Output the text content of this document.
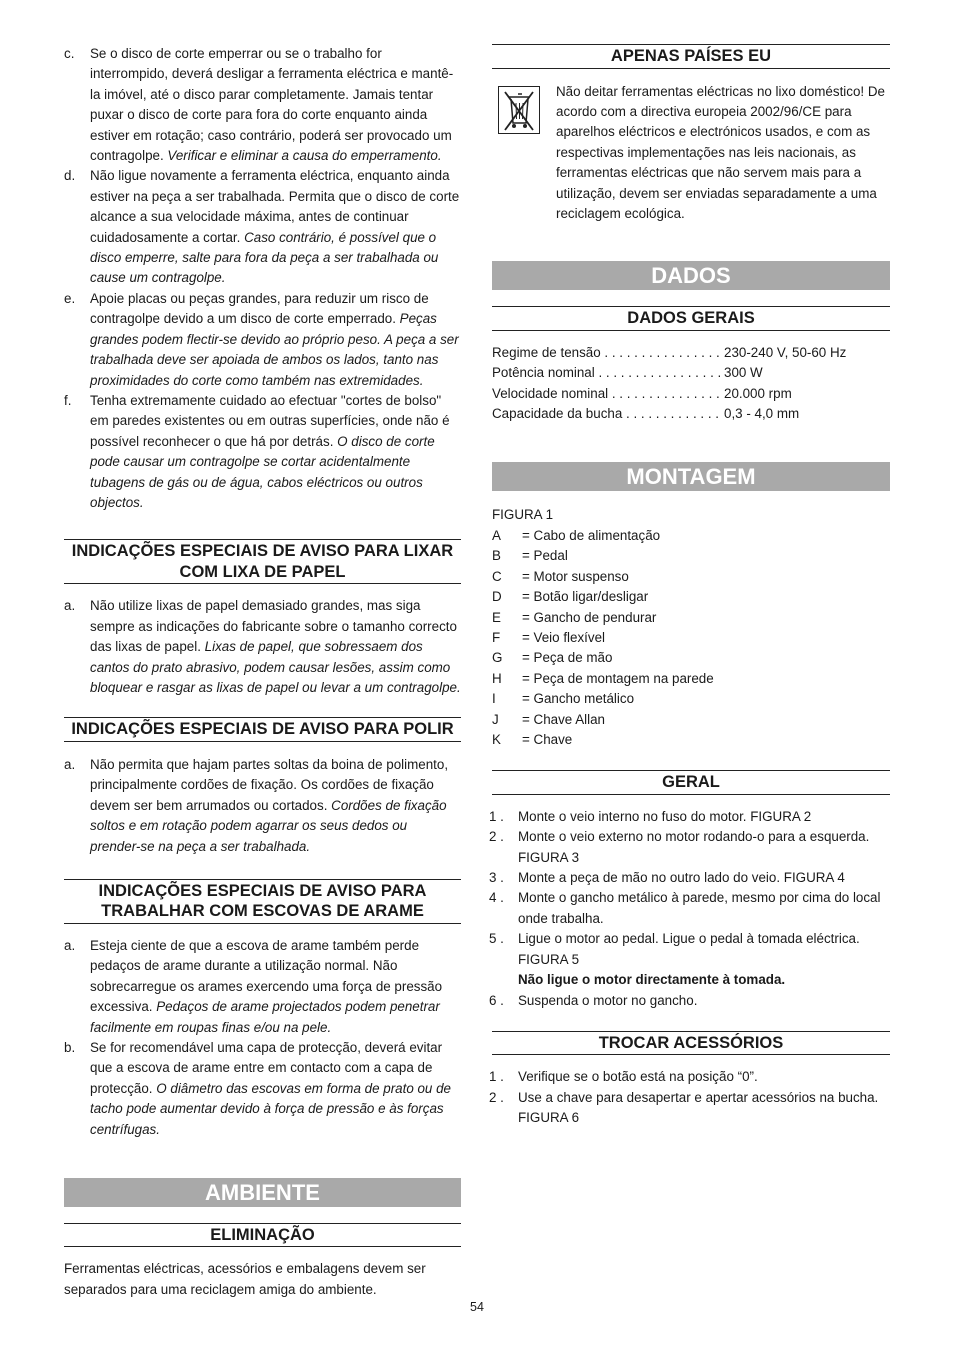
c. Se o disco de corte emperrar ou se o trabalho for interrompido, deverá desligar a ferramenta eléctrica e mantê-la imóvel, até o disco parar completamente. Jamais tentar puxar o disco de corte para fora do corte enquanto ainda estiver em rotação; caso contrário, poderá ser provocado um contragolpe. Verificar e eliminar a causa do emperramento.
d. Não ligue novamente a ferramenta eléctrica, enquanto ainda estiver na peça a ser trabalhada. Permita que o disco de corte alcance a sua velocidade máxima, antes de continuar cuidadosamente a cortar. Caso contrário, é possível que o disco emperre, salte para fora da peça a ser trabalhada ou cause um contragolpe.
e. Apoie placas ou peças grandes, para reduzir um risco de contragolpe devido a um disco de corte emperrado. Peças grandes podem flectir-se devido ao próprio peso. A peça a ser trabalhada deve ser apoiada de ambos os lados, tanto nas proximidades do corte como também nas extremidades.
f. Tenha extremamente cuidado ao efectuar "cortes de bolso" em paredes existentes ou em outras superfícies, onde não é possível reconhecer o que há por detrás. O disco de corte pode causar um contragolpe se cortar acidentalmente tubagens de gás ou de água, cabos eléctricos ou outros objectos.
INDICAÇÕES ESPECIAIS DE AVISO PARA LIXAR COM LIXA DE PAPEL
a. Não utilize lixas de papel demasiado grandes, mas siga sempre as indicações do fabricante sobre o tamanho correcto das lixas de papel. Lixas de papel, que sobressaem dos cantos do prato abrasivo, podem causar lesões, assim como bloquear e rasgar as lixas de papel ou levar a um contragolpe.
INDICAÇÕES ESPECIAIS DE AVISO PARA POLIR
a. Não permita que hajam partes soltas da boina de polimento, principalmente cordões de fixação. Os cordões de fixação devem ser bem arrumados ou cortados. Cordões de fixação soltos e em rotação podem agarrar os seus dedos ou prender-se na peça a ser trabalhada.
INDICAÇÕES ESPECIAIS DE AVISO PARA TRABALHAR COM ESCOVAS DE ARAME
a. Esteja ciente de que a escova de arame também perde pedaços de arame durante a utilização normal. Não sobrecarregue os arames exercendo uma força de pressão excessiva. Pedaços de arame projectados podem penetrar facilmente em roupas finas e/ou na pele.
b. Se for recomendável uma capa de protecção, deverá evitar que a escova de arame entre em contacto com a capa de protecção. O diâmetro das escovas em forma de prato ou de tacho pode aumentar devido à força de pressão e às forças centrífugas.
AMBIENTE
ELIMINAÇÃO
Ferramentas eléctricas, acessórios e embalagens devem ser separados para uma reciclagem amiga do ambiente.
APENAS PAÍSES EU
Não deitar ferramentas eléctricas no lixo doméstico! De acordo com a directiva europeia 2002/96/CE para aparelhos eléctricos e electrónicos usados, e com as respectivas implementações nas leis nacionais, as ferramentas eléctricas que não servem mais para a utilização, devem ser enviadas separadamente a uma reciclagem ecológica.
DADOS
DADOS GERAIS
Regime de tensão . . .	230-240 V, 50-60 Hz
Potência nominal . . .	300 W
Velocidade nominal . . .	20.000 rpm
Capacidade da bucha . . .	0,3 - 4,0 mm
MONTAGEM
FIGURA 1
A	= Cabo de alimentação
B	= Pedal
C	= Motor suspenso
D	= Botão ligar/desligar
E	= Gancho de pendurar
F	= Veio flexível
G	= Peça de mão
H	= Peça de montagem na parede
I	= Gancho metálico
J	= Chave Allan
K	= Chave
GERAL
1 . Monte o veio interno no fuso do motor. FIGURA 2
2 . Monte o veio externo no motor rodando-o para a esquerda. FIGURA 3
3 . Monte a peça de mão no outro lado do veio. FIGURA 4
4 . Monte o gancho metálico à parede, mesmo por cima do local onde trabalha.
5 . Ligue o motor ao pedal. Ligue o pedal à tomada eléctrica. FIGURA 5
Não ligue o motor directamente à tomada.
6 . Suspenda o motor no gancho.
TROCAR ACESSÓRIOS
1 . Verifique se o botão está na posição “0”.
2 . Use a chave para desapertar e apertar acessórios na bucha. FIGURA 6
54
